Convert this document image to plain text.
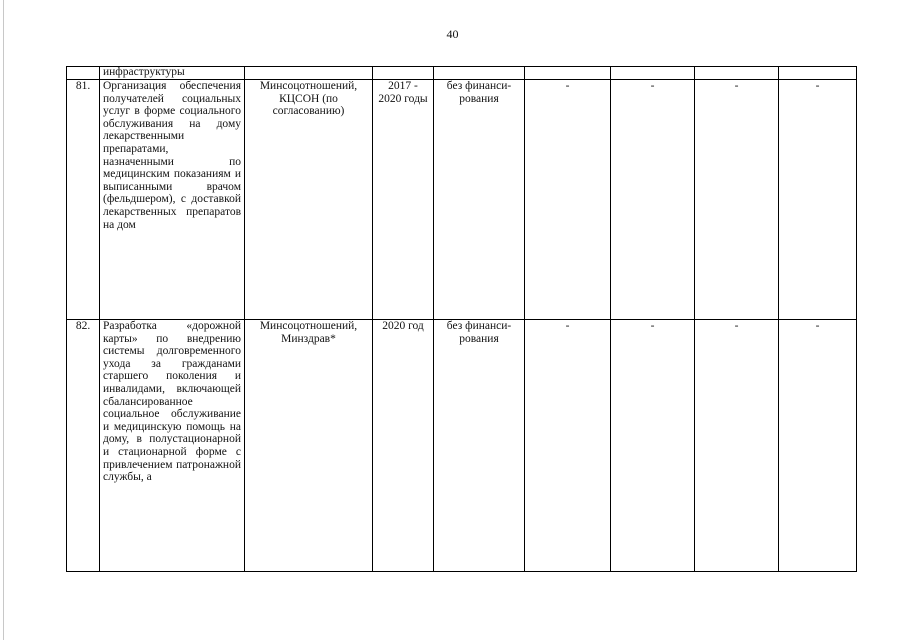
40
	инфраструктуры							
81.	Организация обеспечения получателей социальных услуг в форме социального обслуживания на дому лекарственными препаратами, назначенными по медицинским показаниям и выписанными врачом (фельдшером), с доставкой лекарственных препаратов на дом	Минсоцотношений, КЦСОН (по согласованию)	2017 - 2020 годы	без финанси-рования	-	-	-	-
82.	Разработка «дорожной карты» по внедрению системы долговременного ухода за гражданами старшего поколения и инвалидами, включающей сбалансированное социальное обслуживание и медицинскую помощь на дому, в полустационарной и стационарной форме с привлечением патронажной службы, а	Минсоцотношений, Минздрав*	2020 год	без финанси-рования	-	-	-	-
